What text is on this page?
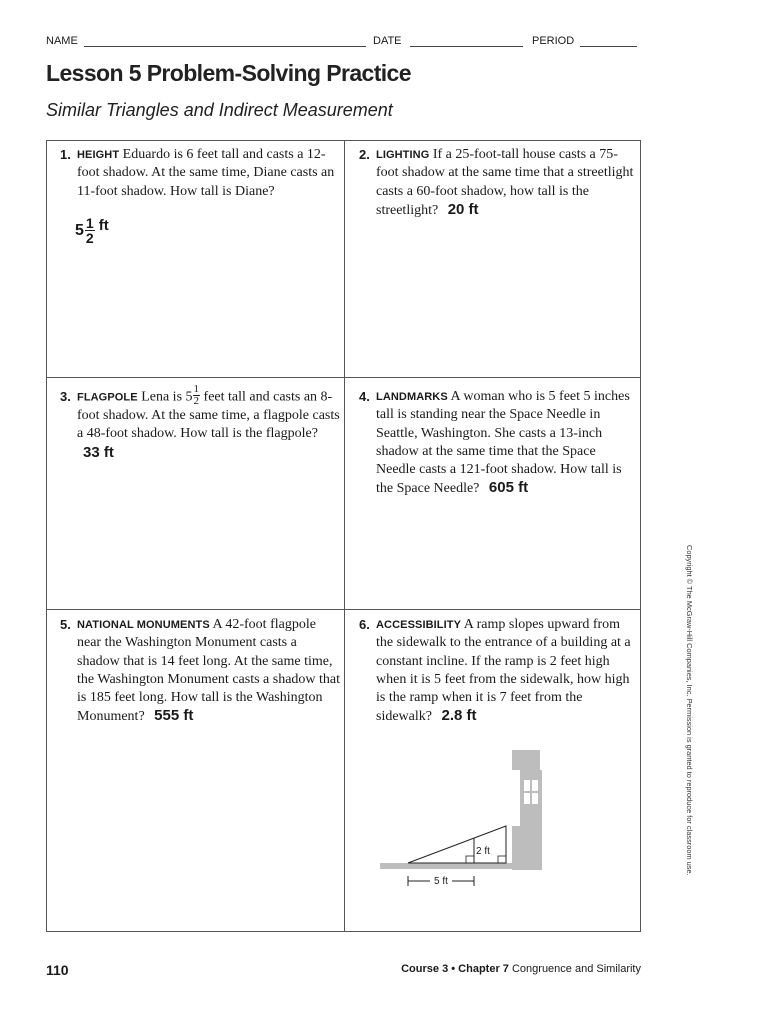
NAME	DATE	PERIOD
Lesson 5 Problem-Solving Practice
Similar Triangles and Indirect Measurement
1. HEIGHT Eduardo is 6 feet tall and casts a 12-foot shadow. At the same time, Diane casts an 11-foot shadow. How tall is Diane?
$5 \frac{1}{2}$ ft
2. LIGHTING If a 25-foot-tall house casts a 75-foot shadow at the same time that a streetlight casts a 60-foot shadow, how tall is the streetlight? 20 ft
3. FLAGPOLE Lena is $5 \frac{1}{2}$ feet tall and casts an 8-foot shadow. At the same time, a flagpole casts a 48-foot shadow. How tall is the flagpole? 33 ft
4. LANDMARKS A woman who is 5 feet 5 inches tall is standing near the Space Needle in Seattle, Washington. She casts a 13-inch shadow at the same time that the Space Needle casts a 121-foot shadow. How tall is the Space Needle? 605 ft
5. NATIONAL MONUMENTS A 42-foot flagpole near the Washington Monument casts a shadow that is 14 feet long. At the same time, the Washington Monument casts a shadow that is 185 feet long. How tall is the Washington Monument? 555 ft
6. ACCESSIBILITY A ramp slopes upward from the sidewalk to the entrance of a building at a constant incline. If the ramp is 2 feet high when it is 5 feet from the sidewalk, how high is the ramp when it is 7 feet from the sidewalk? 2.8 ft
2 ft
5 ft
Copyright © The McGraw-Hill Companies, Inc. Permission is granted to reproduce for classroom use.
110	Course 3 • Chapter 7 Congruence and Similarity
